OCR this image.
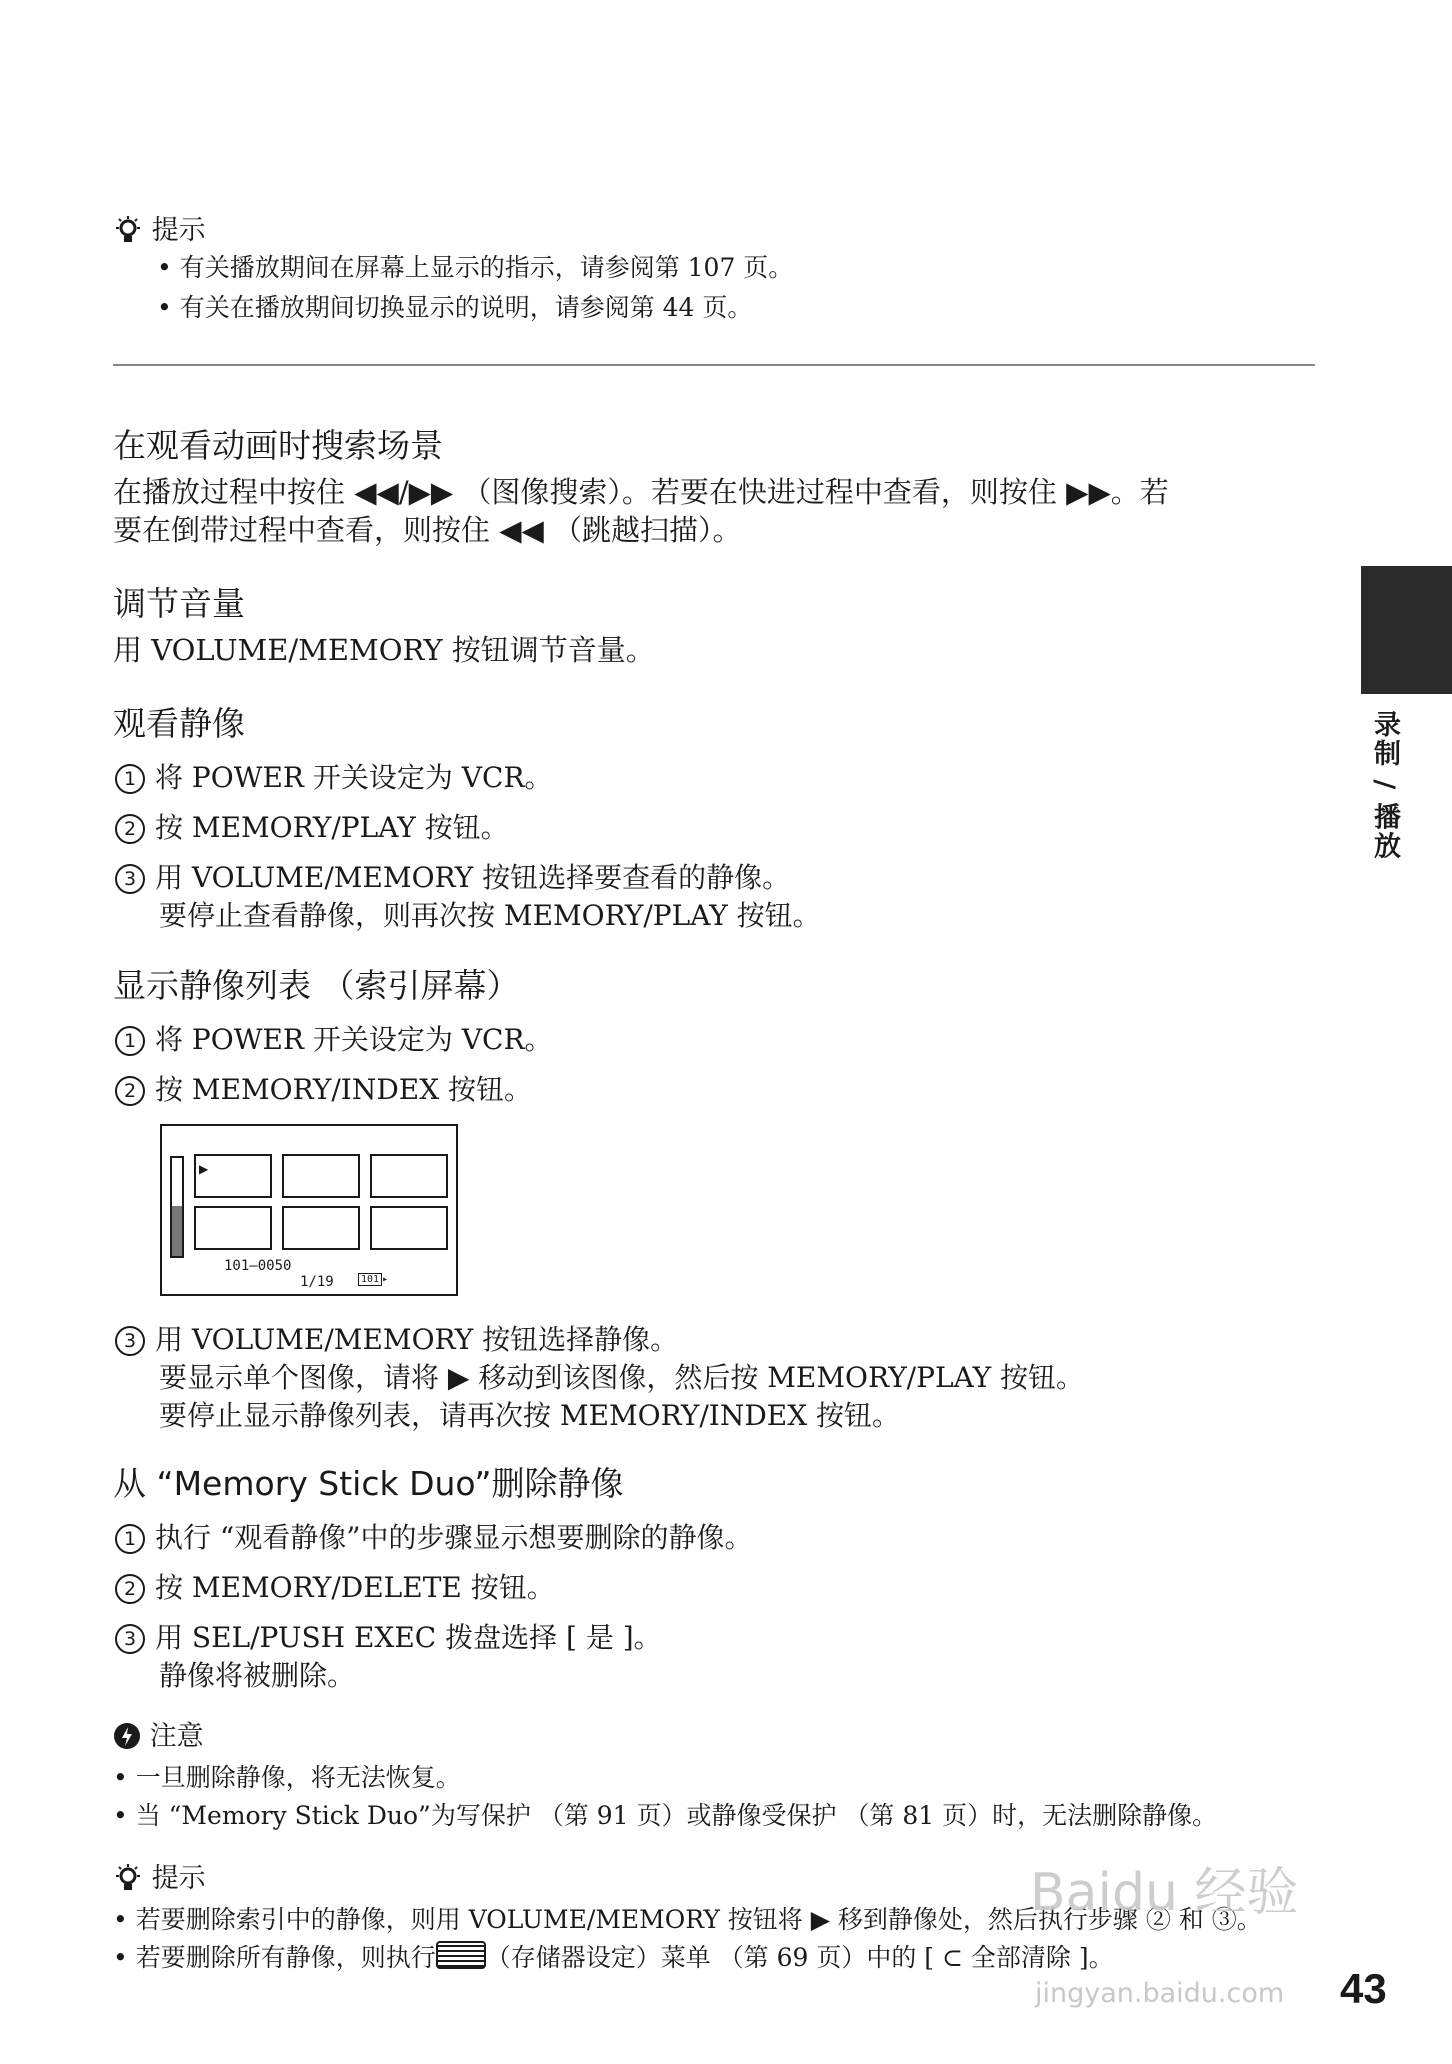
提示
• 有关播放期间在屏幕上显示的指示，请参阅第 107 页。
• 有关在播放期间切换显示的说明，请参阅第 44 页。
在观看动画时搜索场景
在播放过程中按住 ◀◀/▶▶ （图像搜索）。若要在快进过程中查看，则按住 ▶▶。若
要在倒带过程中查看，则按住 ◀◀ （跳越扫描）。
调节音量
用 VOLUME/MEMORY 按钮调节音量。
观看静像
1 将 POWER 开关设定为 VCR。
2 按 MEMORY/PLAY 按钮。
3 用 VOLUME/MEMORY 按钮选择要查看的静像。
要停止查看静像，则再次按 MEMORY/PLAY 按钮。
显示静像列表 （索引屏幕）
1 将 POWER 开关设定为 VCR。
2 按 MEMORY/INDEX 按钮。
▶
101–0050
1/19	101 ▸
3 用 VOLUME/MEMORY 按钮选择静像。
要显示单个图像，请将 ▶ 移动到该图像，然后按 MEMORY/PLAY 按钮。
要停止显示静像列表，请再次按 MEMORY/INDEX 按钮。
从 “Memory Stick Duo”删除静像
1 执行 “观看静像”中的步骤显示想要删除的静像。
2 按 MEMORY/DELETE 按钮。
3 用 SEL/PUSH EXEC 拨盘选择 [ 是 ]。
静像将被删除。
注意
• 一旦删除静像，将无法恢复。
• 当 “Memory Stick Duo”为写保护 （第 91 页）或静像受保护 （第 81 页）时，无法删除静像。
提示
• 若要删除索引中的静像，则用 VOLUME/MEMORY 按钮将 ▶ 移到静像处，然后执行步骤 ② 和 ③。
• 若要删除所有静像，则执行 （存储器设定）菜单 （第 69 页）中的 [ ⊂ 全部清除 ]。
录制 / 播放
Baidu 经验
jingyan.baidu.com 43
